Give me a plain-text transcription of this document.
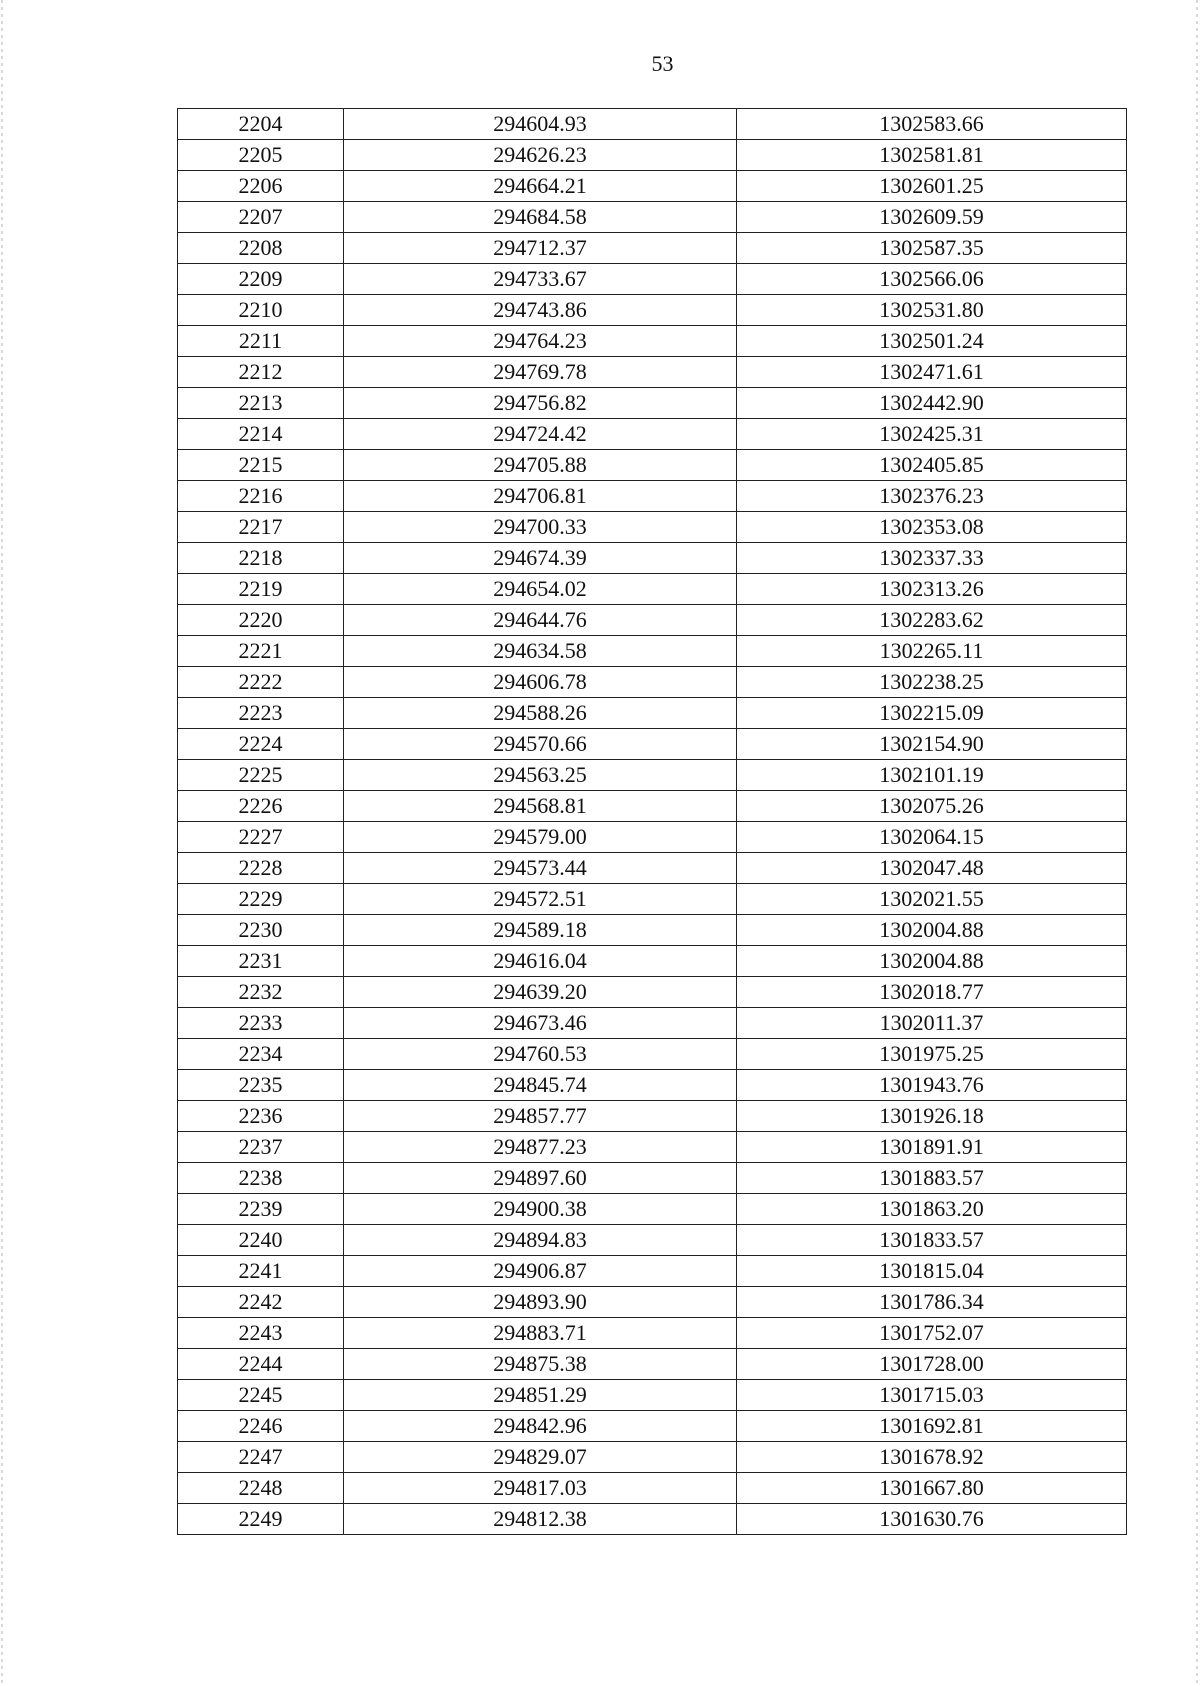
53
2204	294604.93	1302583.66
2205	294626.23	1302581.81
2206	294664.21	1302601.25
2207	294684.58	1302609.59
2208	294712.37	1302587.35
2209	294733.67	1302566.06
2210	294743.86	1302531.80
2211	294764.23	1302501.24
2212	294769.78	1302471.61
2213	294756.82	1302442.90
2214	294724.42	1302425.31
2215	294705.88	1302405.85
2216	294706.81	1302376.23
2217	294700.33	1302353.08
2218	294674.39	1302337.33
2219	294654.02	1302313.26
2220	294644.76	1302283.62
2221	294634.58	1302265.11
2222	294606.78	1302238.25
2223	294588.26	1302215.09
2224	294570.66	1302154.90
2225	294563.25	1302101.19
2226	294568.81	1302075.26
2227	294579.00	1302064.15
2228	294573.44	1302047.48
2229	294572.51	1302021.55
2230	294589.18	1302004.88
2231	294616.04	1302004.88
2232	294639.20	1302018.77
2233	294673.46	1302011.37
2234	294760.53	1301975.25
2235	294845.74	1301943.76
2236	294857.77	1301926.18
2237	294877.23	1301891.91
2238	294897.60	1301883.57
2239	294900.38	1301863.20
2240	294894.83	1301833.57
2241	294906.87	1301815.04
2242	294893.90	1301786.34
2243	294883.71	1301752.07
2244	294875.38	1301728.00
2245	294851.29	1301715.03
2246	294842.96	1301692.81
2247	294829.07	1301678.92
2248	294817.03	1301667.80
2249	294812.38	1301630.76
